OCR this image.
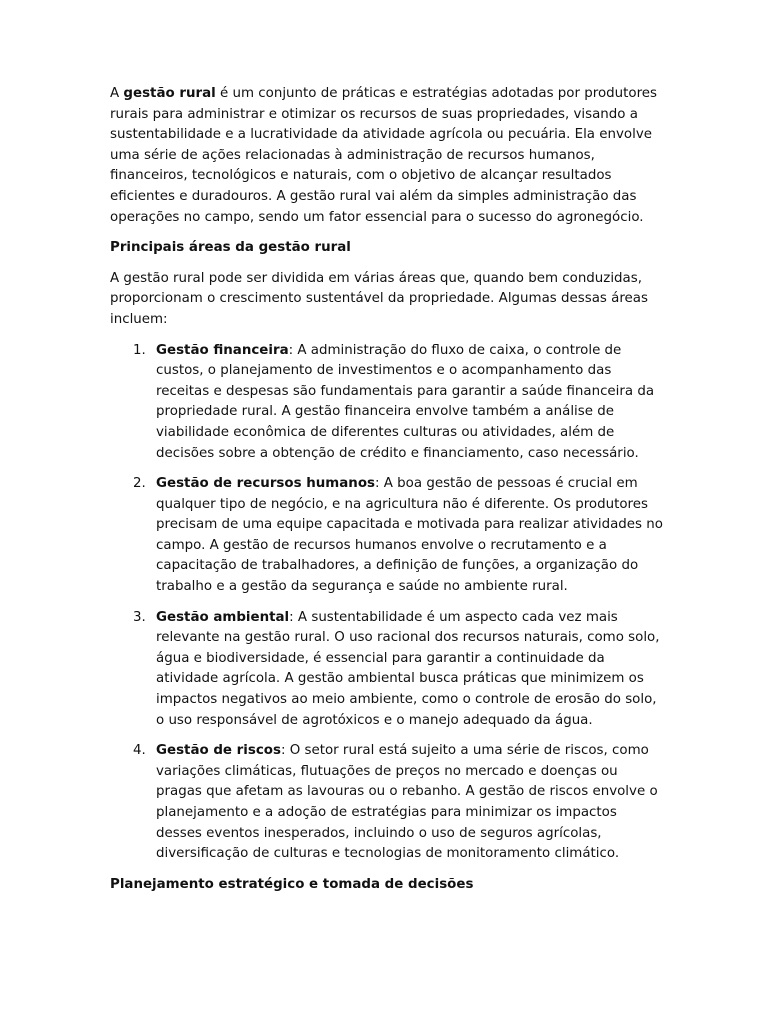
A gestão rural é um conjunto de práticas e estratégias adotadas por produtores rurais para administrar e otimizar os recursos de suas propriedades, visando a sustentabilidade e a lucratividade da atividade agrícola ou pecuária. Ela envolve uma série de ações relacionadas à administração de recursos humanos, financeiros, tecnológicos e naturais, com o objetivo de alcançar resultados eficientes e duradouros. A gestão rural vai além da simples administração das operações no campo, sendo um fator essencial para o sucesso do agronegócio.

Principais áreas da gestão rural

A gestão rural pode ser dividida em várias áreas que, quando bem conduzidas, proporcionam o crescimento sustentável da propriedade. Algumas dessas áreas incluem:

1. Gestão financeira: A administração do fluxo de caixa, o controle de custos, o planejamento de investimentos e o acompanhamento das receitas e despesas são fundamentais para garantir a saúde financeira da propriedade rural. A gestão financeira envolve também a análise de viabilidade econômica de diferentes culturas ou atividades, além de decisões sobre a obtenção de crédito e financiamento, caso necessário.
2. Gestão de recursos humanos: A boa gestão de pessoas é crucial em qualquer tipo de negócio, e na agricultura não é diferente. Os produtores precisam de uma equipe capacitada e motivada para realizar atividades no campo. A gestão de recursos humanos envolve o recrutamento e a capacitação de trabalhadores, a definição de funções, a organização do trabalho e a gestão da segurança e saúde no ambiente rural.
3. Gestão ambiental: A sustentabilidade é um aspecto cada vez mais relevante na gestão rural. O uso racional dos recursos naturais, como solo, água e biodiversidade, é essencial para garantir a continuidade da atividade agrícola. A gestão ambiental busca práticas que minimizem os impactos negativos ao meio ambiente, como o controle de erosão do solo, o uso responsável de agrotóxicos e o manejo adequado da água.
4. Gestão de riscos: O setor rural está sujeito a uma série de riscos, como variações climáticas, flutuações de preços no mercado e doenças ou pragas que afetam as lavouras ou o rebanho. A gestão de riscos envolve o planejamento e a adoção de estratégias para minimizar os impactos desses eventos inesperados, incluindo o uso de seguros agrícolas, diversificação de culturas e tecnologias de monitoramento climático.
Planejamento estratégico e tomada de decisões
